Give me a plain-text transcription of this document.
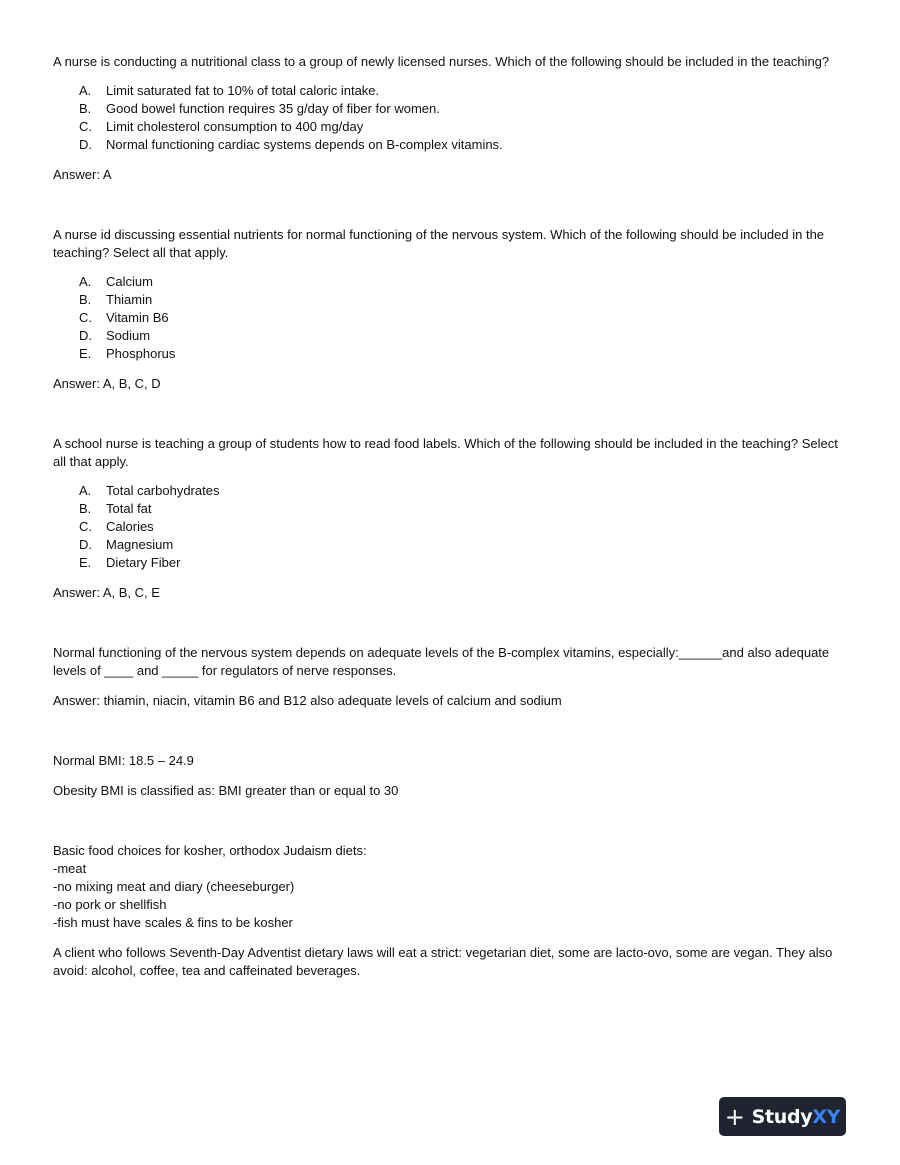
A nurse is conducting a nutritional class to a group of newly licensed nurses. Which of the following should be included in the teaching?

A.	Limit saturated fat to 10% of total caloric intake.
B.	Good bowel function requires 35 g/day of fiber for women.
C.	Limit cholesterol consumption to 400 mg/day
D.	Normal functioning cardiac systems depends on B-complex vitamins.

Answer: A

A nurse id discussing essential nutrients for normal functioning of the nervous system. Which of the following should be included in the teaching? Select all that apply.

A.	Calcium
B.	Thiamin
C.	Vitamin B6
D.	Sodium
E.	Phosphorus

Answer: A, B, C, D

A school nurse is teaching a group of students how to read food labels. Which of the following should be included in the teaching? Select all that apply.

A.	Total carbohydrates
B.	Total fat
C.	Calories
D.	Magnesium
E.	Dietary Fiber

Answer: A, B, C, E

Normal functioning of the nervous system depends on adequate levels of the B-complex vitamins, especially:______and also adequate levels of ____ and _____ for regulators of nerve responses.

Answer: thiamin, niacin, vitamin B6 and B12 also adequate levels of calcium and sodium

Normal BMI: 18.5 – 24.9

Obesity BMI is classified as: BMI greater than or equal to 30

Basic food choices for kosher, orthodox Judaism diets:

-meat

-no mixing meat and diary (cheeseburger)

-no pork or shellfish

-fish must have scales & fins to be kosher

A client who follows Seventh-Day Adventist dietary laws will eat a strict: vegetarian diet, some are lacto-ovo, some are vegan. They also avoid: alcohol, coffee, tea and caffeinated beverages.

+ Study XY
